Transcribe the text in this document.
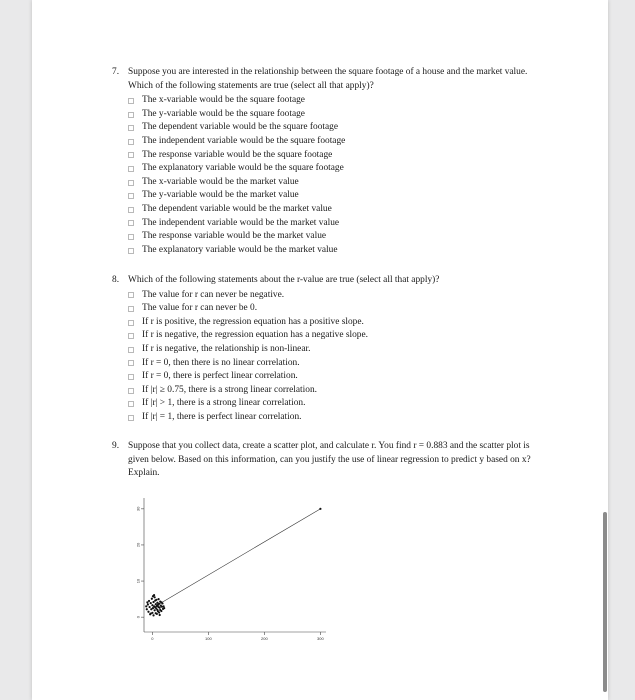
7. Suppose you are interested in the relationship between the square footage of a house and the market value. Which of the following statements are true (select all that apply)?
The x-variable would be the square footage
The y-variable would be the square footage
The dependent variable would be the square footage
The independent variable would be the square footage
The response variable would be the square footage
The explanatory variable would be the square footage
The x-variable would be the market value
The y-variable would be the market value
The dependent variable would be the market value
The independent variable would be the market value
The response variable would be the market value
The explanatory variable would be the market value
8. Which of the following statements about the r-value are true (select all that apply)?
The value for r can never be negative.
The value for r can never be 0.
If r is positive, the regression equation has a positive slope.
If r is negative, the regression equation has a negative slope.
If r is negative, the relationship is non-linear.
If r = 0, then there is no linear correlation.
If r = 0, there is perfect linear correlation.
If |r| ≥ 0.75, there is a strong linear correlation.
If |r| > 1, there is a strong linear correlation.
If |r| = 1, there is perfect linear correlation.
9. Suppose that you collect data, create a scatter plot, and calculate r. You find r = 0.883 and the scatter plot is given below. Based on this information, can you justify the use of linear regression to predict y based on x? Explain.
0
10
20
30
0	100	200	300
